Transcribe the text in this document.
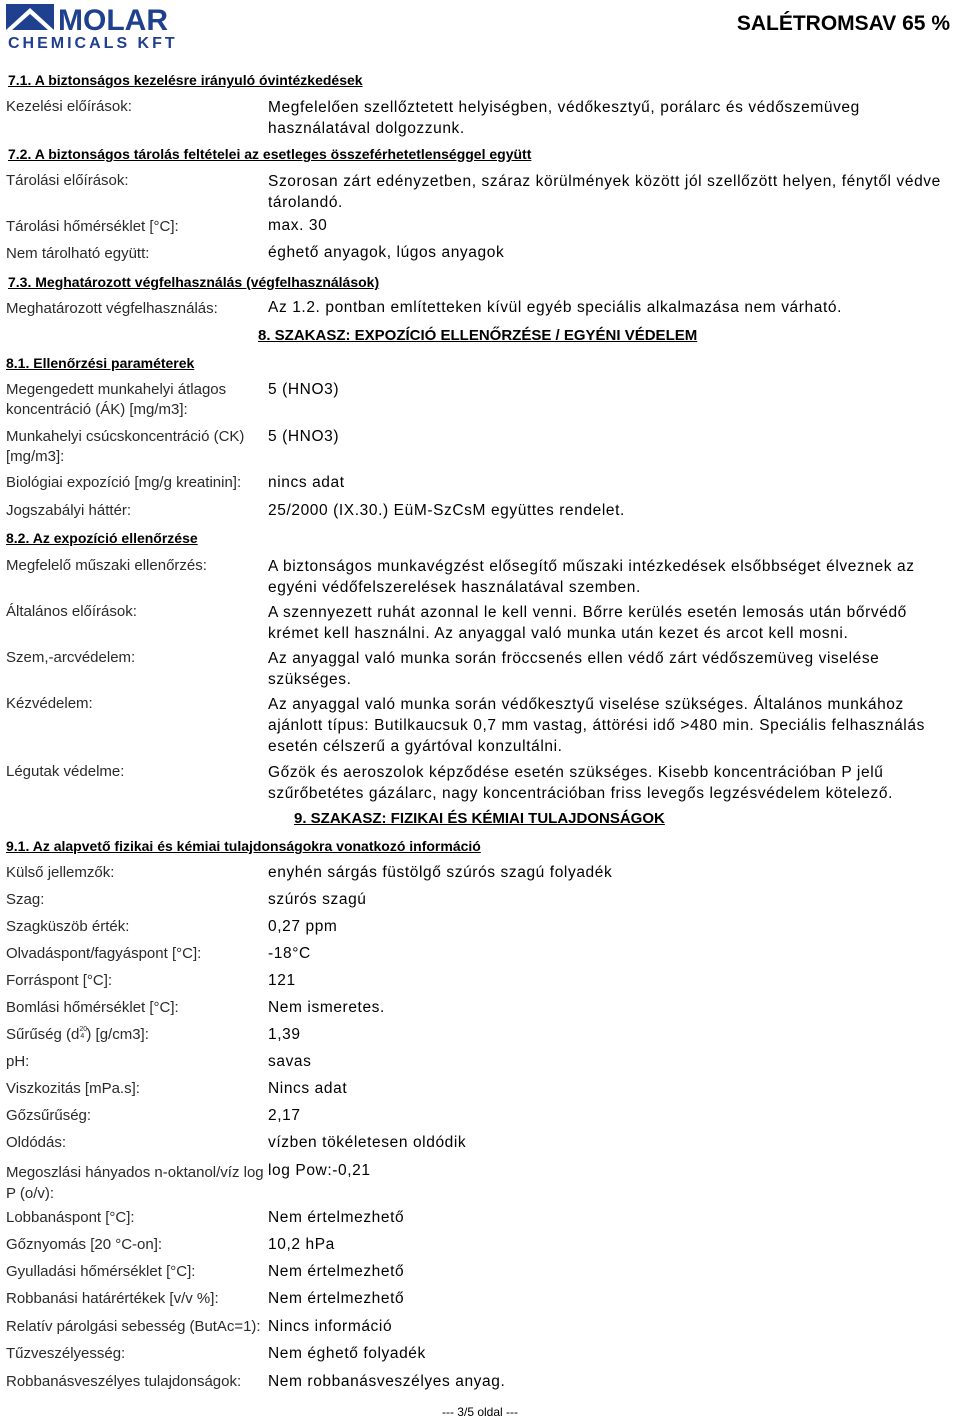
MOLAR
CHEMICALS KFT
SALÉTROMSAV 65 %
7.1. A biztonságos kezelésre irányuló óvintézkedések
Kezelési előírások:	Megfelelően szellőztetett helyiségben, védőkesztyű, porálarc és védőszemüveg használatával dolgozzunk.
7.2. A biztonságos tárolás feltételei az esetleges összeférhetetlenséggel együtt
Tárolási előírások:	Szorosan zárt edényzetben, száraz körülmények között jól szellőzött helyen, fénytől védve tárolandó.
Tárolási hőmérséklet [°C]:	max. 30
Nem tárolható együtt:	éghető anyagok, lúgos anyagok
7.3. Meghatározott végfelhasználás (végfelhasználások)
Meghatározott végfelhasználás:	Az 1.2. pontban említetteken kívül egyéb speciális alkalmazása nem várható.
8. SZAKASZ: EXPOZÍCIÓ ELLENŐRZÉSE / EGYÉNI VÉDELEM
8.1. Ellenőrzési paraméterek
Megengedett munkahelyi átlagos koncentráció (ÁK) [mg/m3]:
5 (HNO3)
Munkahelyi csúcskoncentráció (CK) [mg/m3]:
5 (HNO3)
Biológiai expozíció [mg/g kreatinin]: nincs adat
Jogszabályi háttér:	25/2000 (IX.30.) EüM-SzCsM együttes rendelet.
8.2. Az expozíció ellenőrzése
Megfelelő műszaki ellenőrzés:	A biztonságos munkavégzést elősegítő műszaki intézkedések elsőbbséget élveznek az egyéni védőfelszerelések használatával szemben.
Általános előírások:	A szennyezett ruhát azonnal le kell venni. Bőrre kerülés esetén lemosás után bőrvédő krémet kell használni. Az anyaggal való munka után kezet és arcot kell mosni.
Szem,-arcvédelem:	Az anyaggal való munka során fröccsenés ellen védő zárt védőszemüveg viselése szükséges.
Kézvédelem:	Az anyaggal való munka során védőkesztyű viselése szükséges. Általános munkához ajánlott típus: Butilkaucsuk 0,7 mm vastag, áttörési idő >480 min. Speciális felhasználás esetén célszerű a gyártóval konzultálni.
Légutak védelme:	Gőzök és aeroszolok képződése esetén szükséges. Kisebb koncentrációban P jelű szűrőbetétes gázálarc, nagy koncentrációban friss levegős legzésvédelem kötelező.
9. SZAKASZ: FIZIKAI ÉS KÉMIAI TULAJDONSÁGOK
9.1. Az alapvető fizikai és kémiai tulajdonságokra vonatkozó információ
Külső jellemzők:	enyhén sárgás füstölgő szúrós szagú folyadék
Szag:	szúrós szagú
Szagküszöb érték:	0,27 ppm
Olvadáspont/fagyáspont [°C]:	-18°C
Forráspont [°C]:	121
Bomlási hőmérséklet [°C]:	Nem ismeretes.
Sűrűség (d 20
4 ) [g/cm3]:	1,39
pH:	savas
Viszkozitás [mPa.s]:	Nincs adat
Gőzsűrűség:	2,17
Oldódás:	vízben tökéletesen oldódik
Megoszlási hányados n-oktanol/víz log P (o/v):
log Pow:-0,21
Lobbanáspont [°C]:	Nem értelmezhető
Gőznyomás [20 °C-on]:	10,2 hPa
Gyulladási hőmérséklet [°C]:	Nem értelmezhető
Robbanási határértékek [v/v %]:	Nem értelmezhető
Relatív párolgási sebesség (ButAc=1): Nincs információ
Tűzveszélyesség:	Nem éghető folyadék
Robbanásveszélyes tulajdonságok: Nem robbanásveszélyes anyag.
--- 3/5 oldal ---
